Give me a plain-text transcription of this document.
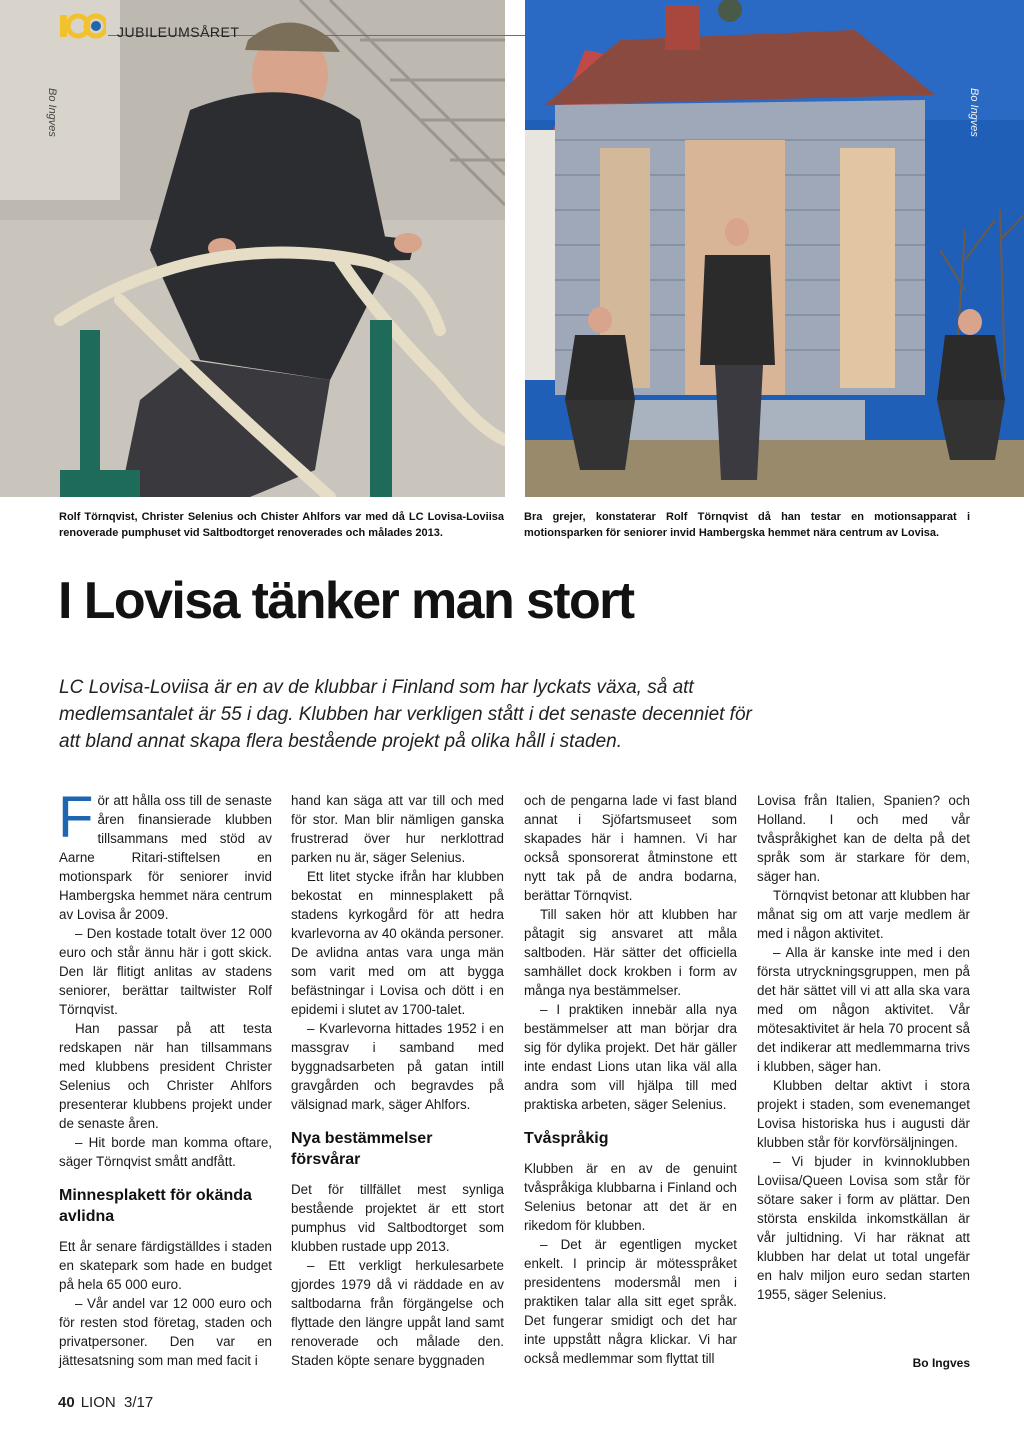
JUBILEUMSÅRET
Bo Ingves	Bo Ingves
Rolf Törnqvist, Christer Selenius och Chister Ahlfors var med då LC Lovisa-Loviisa renoverade pumphuset vid Saltbodtorget renoverades och målades 2013.
Bra grejer, konstaterar Rolf Törnqvist då han testar en motionsapparat i motionsparken för seniorer invid Hambergska hemmet nära centrum av Lovisa.
I Lovisa tänker man stort

LC Lovisa-Loviisa är en av de klubbar i Finland som har lyckats växa, så att medlemsantalet är 55 i dag. Klubben har verkligen stått i det senaste decenniet för att bland annat skapa flera bestående projekt på olika håll i staden.

För att hålla oss till de senaste åren finansierade klubben tillsammans med stöd av Aarne Ritari-stiftelsen en motionspark för seniorer invid Hambergska hemmet nära centrum av Lovisa år 2009.

– Den kostade totalt över 12 000 euro och står ännu här i gott skick. Den lär flitigt anlitas av stadens seniorer, berättar tailtwister Rolf Törnqvist.

Han passar på att testa redskapen när han tillsammans med klubbens president Christer Selenius och Christer Ahlfors presenterar klubbens projekt under de senaste åren.

– Hit borde man komma oftare, säger Törnqvist smått andfått.

Minnesplakett för okända avlidna

Ett år senare färdigställdes i staden en skatepark som hade en budget på hela 65 000 euro.

– Vår andel var 12 000 euro och för resten stod företag, staden och privatpersoner. Den var en jättesatsning som man med facit i

hand kan säga att var till och med för stor. Man blir nämligen ganska frustrerad över hur nerklottrad parken nu är, säger Selenius.

Ett litet stycke ifrån har klubben bekostat en minnesplakett på stadens kyrkogård för att hedra kvarlevorna av 40 okända personer. De avlidna antas vara unga män som varit med om att bygga befästningar i Lovisa och dött i en epidemi i slutet av 1700-talet.

– Kvarlevorna hittades 1952 i en massgrav i samband med byggnadsarbeten på gatan intill gravgården och begravdes på välsignad mark, säger Ahlfors.

Nya bestämmelser försvårar

Det för tillfället mest synliga bestående projektet är ett stort pumphus vid Saltbodtorget som klubben rustade upp 2013.

– Ett verkligt herkulesarbete gjordes 1979 då vi räddade en av saltbodarna från förgängelse och flyttade den längre uppåt land samt renoverade och målade den. Staden köpte senare byggnaden

och de pengarna lade vi fast bland annat i Sjöfartsmuseet som skapades här i hamnen. Vi har också sponsorerat åtminstone ett nytt tak på de andra bodarna, berättar Törnqvist.

Till saken hör att klubben har påtagit sig ansvaret att måla saltboden. Här sätter det officiella samhället dock krokben i form av många nya bestämmelser.

– I praktiken innebär alla nya bestämmelser att man börjar dra sig för dylika projekt. Det här gäller inte endast Lions utan lika väl alla andra som vill hjälpa till med praktiska arbeten, säger Selenius.

Tvåspråkig

Klubben är en av de genuint tvåspråkiga klubbarna i Finland och Selenius betonar att det är en rikedom för klubben.

– Det är egentligen mycket enkelt. I princip är mötesspråket presidentens modersmål men i praktiken talar alla sitt eget språk. Det fungerar smidigt och det har inte uppstått några klickar. Vi har också medlemmar som flyttat till

Lovisa från Italien, Spanien? och Holland. I och med vår tvåspråkighet kan de delta på det språk som är starkare för dem, säger han.

Törnqvist betonar att klubben har månat sig om att varje medlem är med i någon aktivitet.

– Alla är kanske inte med i den första utryckningsgruppen, men på det här sättet vill vi att alla ska vara med om någon aktivitet. Vår mötesaktivitet är hela 70 procent så det indikerar att medlemmarna trivs i klubben, säger han.

Klubben deltar aktivt i stora projekt i staden, som evenemanget Lovisa historiska hus i augusti där klubben står för korvförsäljningen.

– Vi bjuder in kvinnoklubben Loviisa/Queen Lovisa som står för sötare saker i form av plättar. Den största enskilda inkomstkällan är vår jultidning. Vi har räknat att klubben har delat ut total ungefär en halv miljon euro sedan starten 1955, säger Selenius.

Bo Ingves
40 LION 3/17
